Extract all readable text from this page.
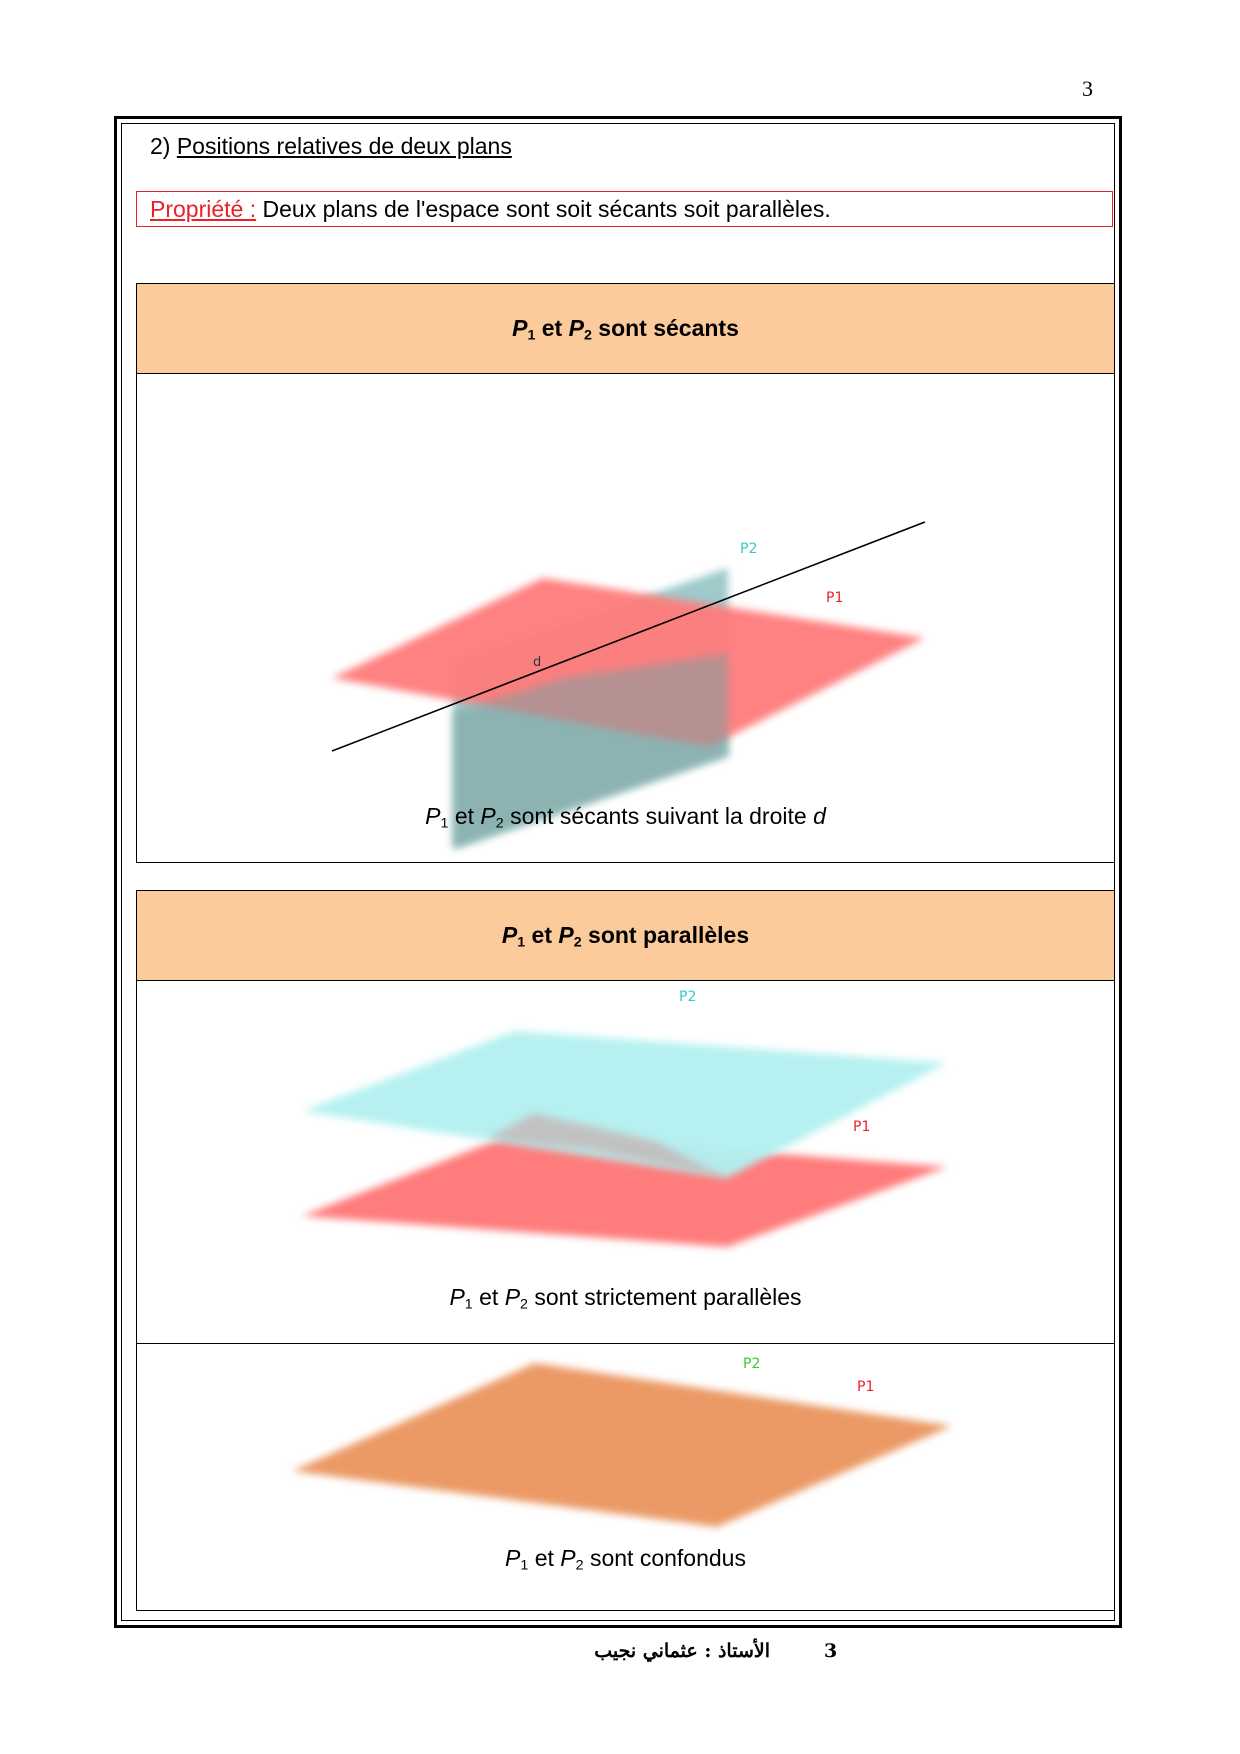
3
2) Positions relatives de deux plans
Propriété : Deux plans de l'espace sont soit sécants soit parallèles.
$P_1$ et $P_2$ sont sécants
d
P2
P1
$P_1$ et $P_2$ sont sécants suivant la droite d
$P_1$ et $P_2$ sont parallèles
P2
P1
P2
P1
$P_1$ et $P_2$ sont strictement parallèles
$P_1$ et $P_2$ sont confondus
الأستاذ : عثماني نجيب	3
